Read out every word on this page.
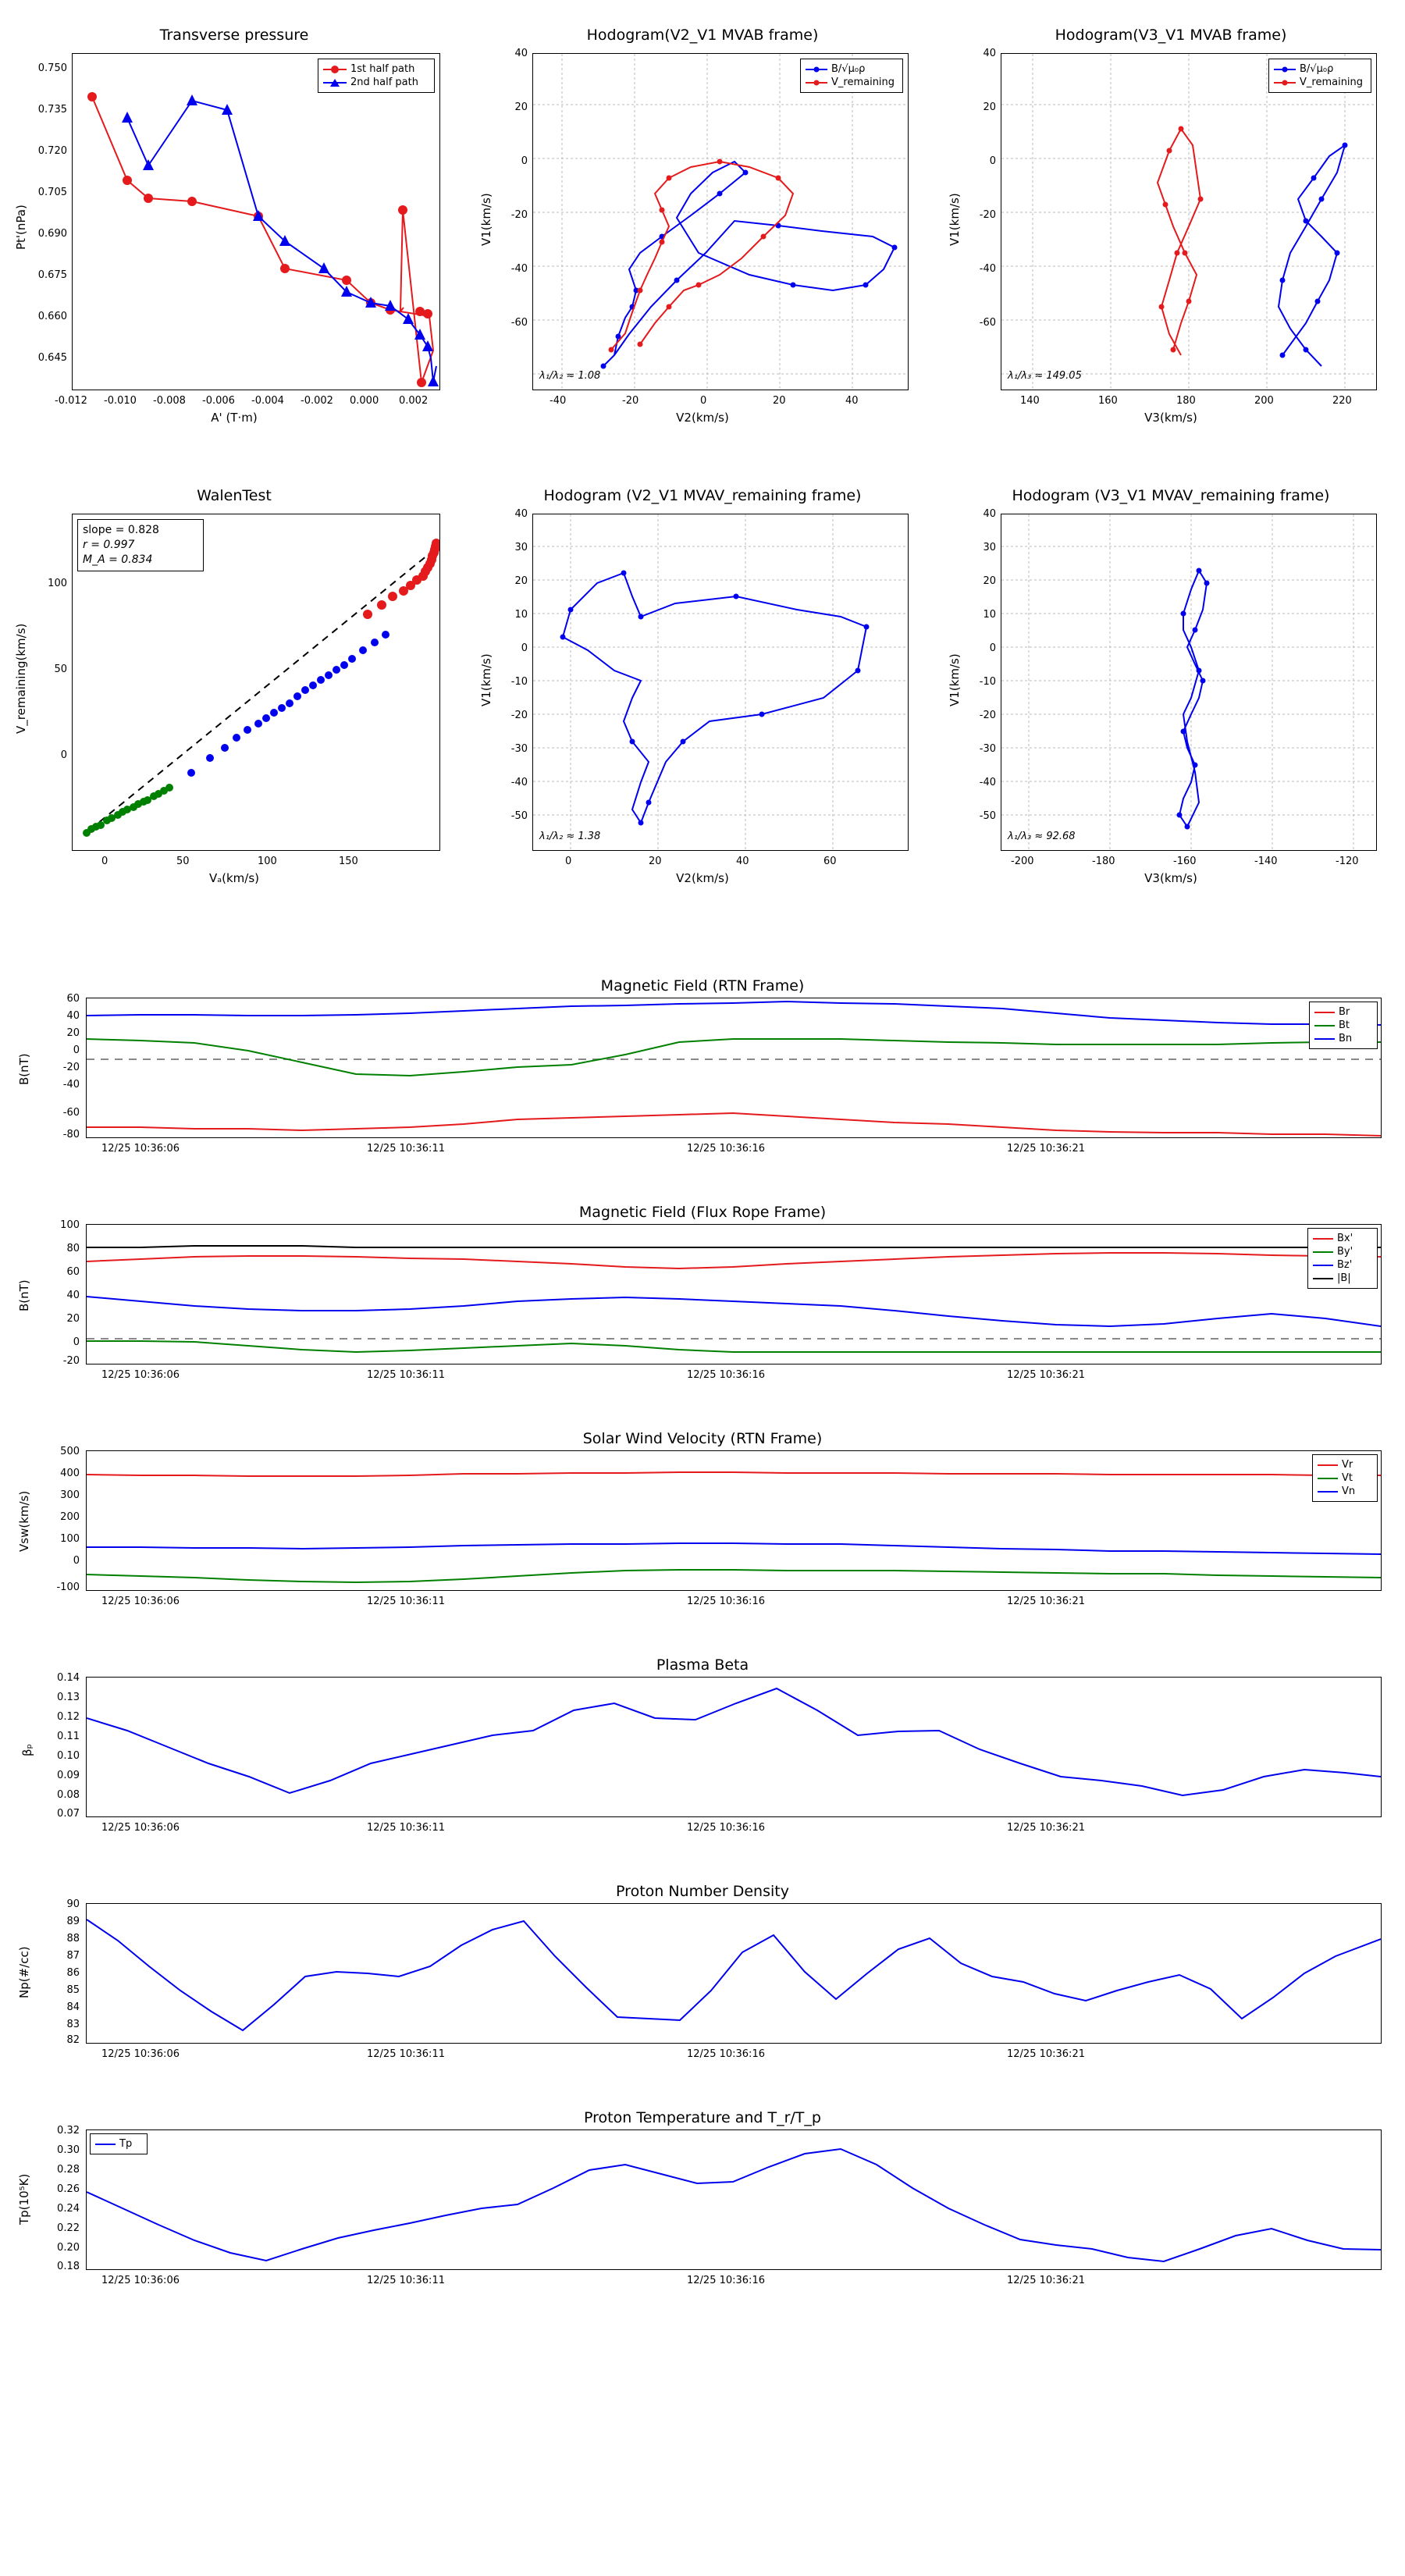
Transverse pressure
1st half path
2nd half path
0.750
0.735
0.720
0.705
0.690
0.675
0.660
0.645
-0.012 -0.010 -0.008 -0.006 -0.004 -0.002 0.000 0.002
A' (T·m)
Pt'(nPa)
Hodogram(V2_V1 MVAB frame)
B/√μ₀ρ
V_remaining
λ₁/λ₂ ≈ 1.08
40
20
0
-20
-40
-60
-40	-20	0	20	40
V2(km/s)
V1(km/s)
Hodogram(V3_V1 MVAB frame)
B/√μ₀ρ
V_remaining
λ₁/λ₃ ≈ 149.05
40
20
0
-20
-40
-60
140	160	180	200	220
V3(km/s)
V1(km/s)
WalenTest
slope = 0.828
r = 0.997
M_A = 0.834
100
50
0
0	50	100	150
Vₐ(km/s)
V_remaining(km/s)
Hodogram (V2_V1 MVAV_remaining frame)
λ₁/λ₂ ≈ 1.38
40
30
20
10
0
-10
-20
-30
-40
-50
0	20	40	60
V2(km/s)
V1(km/s)
Hodogram (V3_V1 MVAV_remaining frame)
λ₁/λ₃ ≈ 92.68
40
30
20
10
0
-10
-20
-30
-40
-50
-200	-180	-160	-140	-120
V3(km/s)
V1(km/s)
Magnetic Field (RTN Frame)
Br
Bt
Bn
60
40
20
0
-20
-40
-60
-80
12/25 10:36:06	12/25 10:36:11	12/25 10:36:16	12/25 10:36:21
B(nT)
Magnetic Field (Flux Rope Frame)
Bx'
By'
Bz'
|B|
100
80
60
40
20
0
-20
12/25 10:36:06	12/25 10:36:11	12/25 10:36:16	12/25 10:36:21
B(nT)
Solar Wind Velocity (RTN Frame)
Vr
Vt
Vn
500
400
300
200
100
0
-100
12/25 10:36:06	12/25 10:36:11	12/25 10:36:16	12/25 10:36:21
Vsw(km/s)
Plasma Beta
0.14
0.13
0.12
0.11
0.10
0.09
0.08
0.07
12/25 10:36:06	12/25 10:36:11	12/25 10:36:16	12/25 10:36:21
βₚ
Proton Number Density
90
89
88
87
86
85
84
83
82
12/25 10:36:06	12/25 10:36:11	12/25 10:36:16	12/25 10:36:21
Np(#/cc)
Proton Temperature and T_r/T_p
Tp
0.32
0.30
0.28
0.26
0.24
0.22
0.20
0.18
12/25 10:36:06	12/25 10:36:11	12/25 10:36:16	12/25 10:36:21
Tp(10⁵K)
